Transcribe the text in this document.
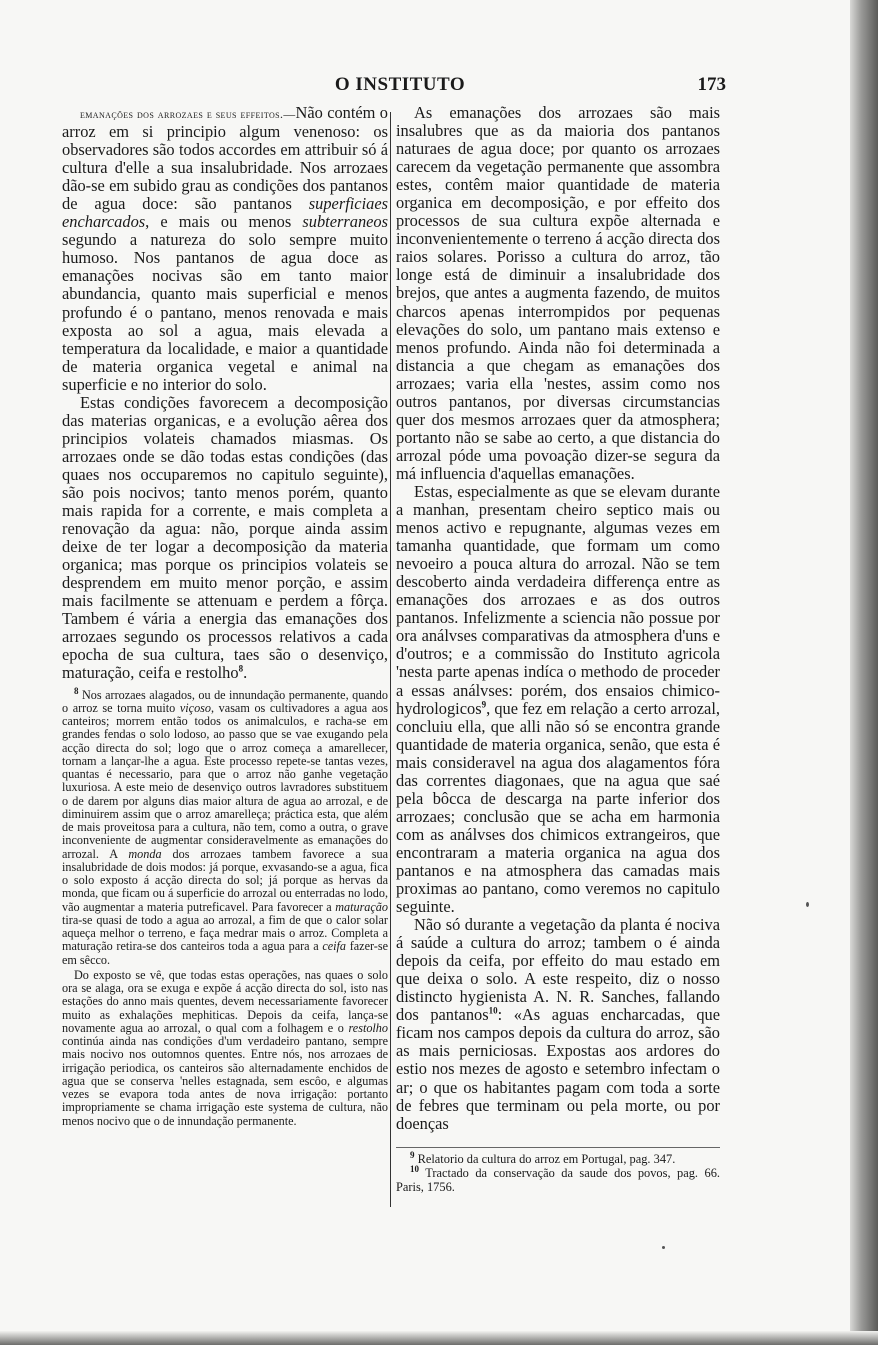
O INSTITUTO	173

emanações dos arrozaes e seus effeitos.—Não contém o arroz em si principio algum venenoso: os observadores são todos accordes em attribuir só á cultura d'elle a sua insalubridade. Nos arrozaes dão-se em subido grau as condições dos pantanos de agua doce: são pantanos superficiaes encharcados, e mais ou menos subterraneos segundo a natureza do solo sempre muito humoso. Nos pantanos de agua doce as emanações nocivas são em tanto maior abundancia, quanto mais superficial e menos profundo é o pantano, menos renovada e mais exposta ao sol a agua, mais elevada a temperatura da localidade, e maior a quantidade de materia organica vegetal e animal na superficie e no interior do solo.

Estas condições favorecem a decomposição das materias organicas, e a evolução aêrea dos principios volateis chamados miasmas. Os arrozaes onde se dão todas estas condições (das quaes nos occuparemos no capitulo seguinte), são pois nocivos; tanto menos porém, quanto mais rapida for a corrente, e mais completa a renovação da agua: não, porque ainda assim deixe de ter logar a decomposição da materia organica; mas porque os principios volateis se desprendem em muito menor porção, e assim mais facilmente se attenuam e perdem a fôrça. Tambem é vária a energia das emanações dos arrozaes segundo os processos relativos a cada epocha de sua cultura, taes são o desenviço, maturação, ceifa e restolho$^8$.

$^8$ Nos arrozaes alagados, ou de innundação permanente, quando o arroz se torna muito viçoso, vasam os cultivadores a agua aos canteiros; morrem então todos os animalculos, e racha-se em grandes fendas o solo lodoso, ao passo que se vae exugando pela acção directa do sol; logo que o arroz começa a amarellecer, tornam a lançar-lhe a agua. Este processo repete-se tantas vezes, quantas é necessario, para que o arroz não ganhe vegetação luxuriosa. A este meio de desenviço outros lavradores substituem o de darem por alguns dias maior altura de agua ao arrozal, e de diminuirem assim que o arroz amarelleça; práctica esta, que além de mais proveitosa para a cultura, não tem, como a outra, o grave inconveniente de augmentar consideravelmente as emanações do arrozal. A monda dos arrozaes tambem favorece a sua insalubridade de dois modos: já porque, exvasando-se a agua, fica o solo exposto á acção directa do sol; já porque as hervas da monda, que ficam ou á superficie do arrozal ou enterradas no lodo, vão augmentar a materia putreficavel. Para favorecer a maturação tira-se quasi de todo a agua ao arrozal, a fim de que o calor solar aqueça melhor o terreno, e faça medrar mais o arroz. Completa a maturação retira-se dos canteiros toda a agua para a ceifa fazer-se em sêcco.

Do exposto se vê, que todas estas operações, nas quaes o solo ora se alaga, ora se exuga e expõe á acção directa do sol, isto nas estações do anno mais quentes, devem necessariamente favorecer muito as exhalações mephiticas. Depois da ceifa, lança-se novamente agua ao arrozal, o qual com a folhagem e o restolho continúa ainda nas condições d'um verdadeiro pantano, sempre mais nocivo nos outomnos quentes. Entre nós, nos arrozaes de irrigação periodica, os canteiros são alternadamente enchidos de agua que se conserva 'nelles estagnada, sem escôo, e algumas vezes se evapora toda antes de nova irrigação: portanto impropriamente se chama irrigação este systema de cultura, não menos nocivo que o de innundação permanente.

As emanações dos arrozaes são mais insalubres que as da maioria dos pantanos naturaes de agua doce; por quanto os arrozaes carecem da vegetação permanente que assombra estes, contêm maior quantidade de materia organica em decomposição, e por effeito dos processos de sua cultura expõe alternada e inconvenientemente o terreno á acção directa dos raios solares. Porisso a cultura do arroz, tão longe está de diminuir a insalubridade dos brejos, que antes a augmenta fazendo, de muitos charcos apenas interrompidos por pequenas elevações do solo, um pantano mais extenso e menos profundo. Ainda não foi determinada a distancia a que chegam as emanações dos arrozaes; varia ella 'nestes, assim como nos outros pantanos, por diversas circumstancias quer dos mesmos arrozaes quer da atmosphera; portanto não se sabe ao certo, a que distancia do arrozal póde uma povoação dizer-se segura da má influencia d'aquellas emanações.

Estas, especialmente as que se elevam durante a manhan, presentam cheiro septico mais ou menos activo e repugnante, algumas vezes em tamanha quantidade, que formam um como nevoeiro a pouca altura do arrozal. Não se tem descoberto ainda verdadeira differença entre as emanações dos arrozaes e as dos outros pantanos. Infelizmente a sciencia não possue por ora análvses comparativas da atmosphera d'uns e d'outros; e a commissão do Instituto agricola 'nesta parte apenas indíca o methodo de proceder a essas análvses: porém, dos ensaios chimico-hydrologicos$^9$, que fez em relação a certo arrozal, concluiu ella, que alli não só se encontra grande quantidade de materia organica, senão, que esta é mais consideravel na agua dos alagamentos fóra das correntes diagonaes, que na agua que saé pela bôcca de descarga na parte inferior dos arrozaes; conclusão que se acha em harmonia com as análvses dos chimicos extrangeiros, que encontraram a materia organica na agua dos pantanos e na atmosphera das camadas mais proximas ao pantano, como veremos no capitulo seguinte.

Não só durante a vegetação da planta é nociva á saúde a cultura do arroz; tambem o é ainda depois da ceifa, por effeito do mau estado em que deixa o solo. A este respeito, diz o nosso distincto hygienista A. N. R. Sanches, fallando dos pantanos$^{10}$: «As aguas encharcadas, que ficam nos campos depois da cultura do arroz, são as mais perniciosas. Expostas aos ardores do estio nos mezes de agosto e setembro infectam o ar; o que os habitantes pagam com toda a sorte de febres que terminam ou pela morte, ou por doenças

$^9$ Relatorio da cultura do arroz em Portugal, pag. 347.

$^{10}$ Tractado da conservação da saude dos povos, pag. 66. Paris, 1756.
